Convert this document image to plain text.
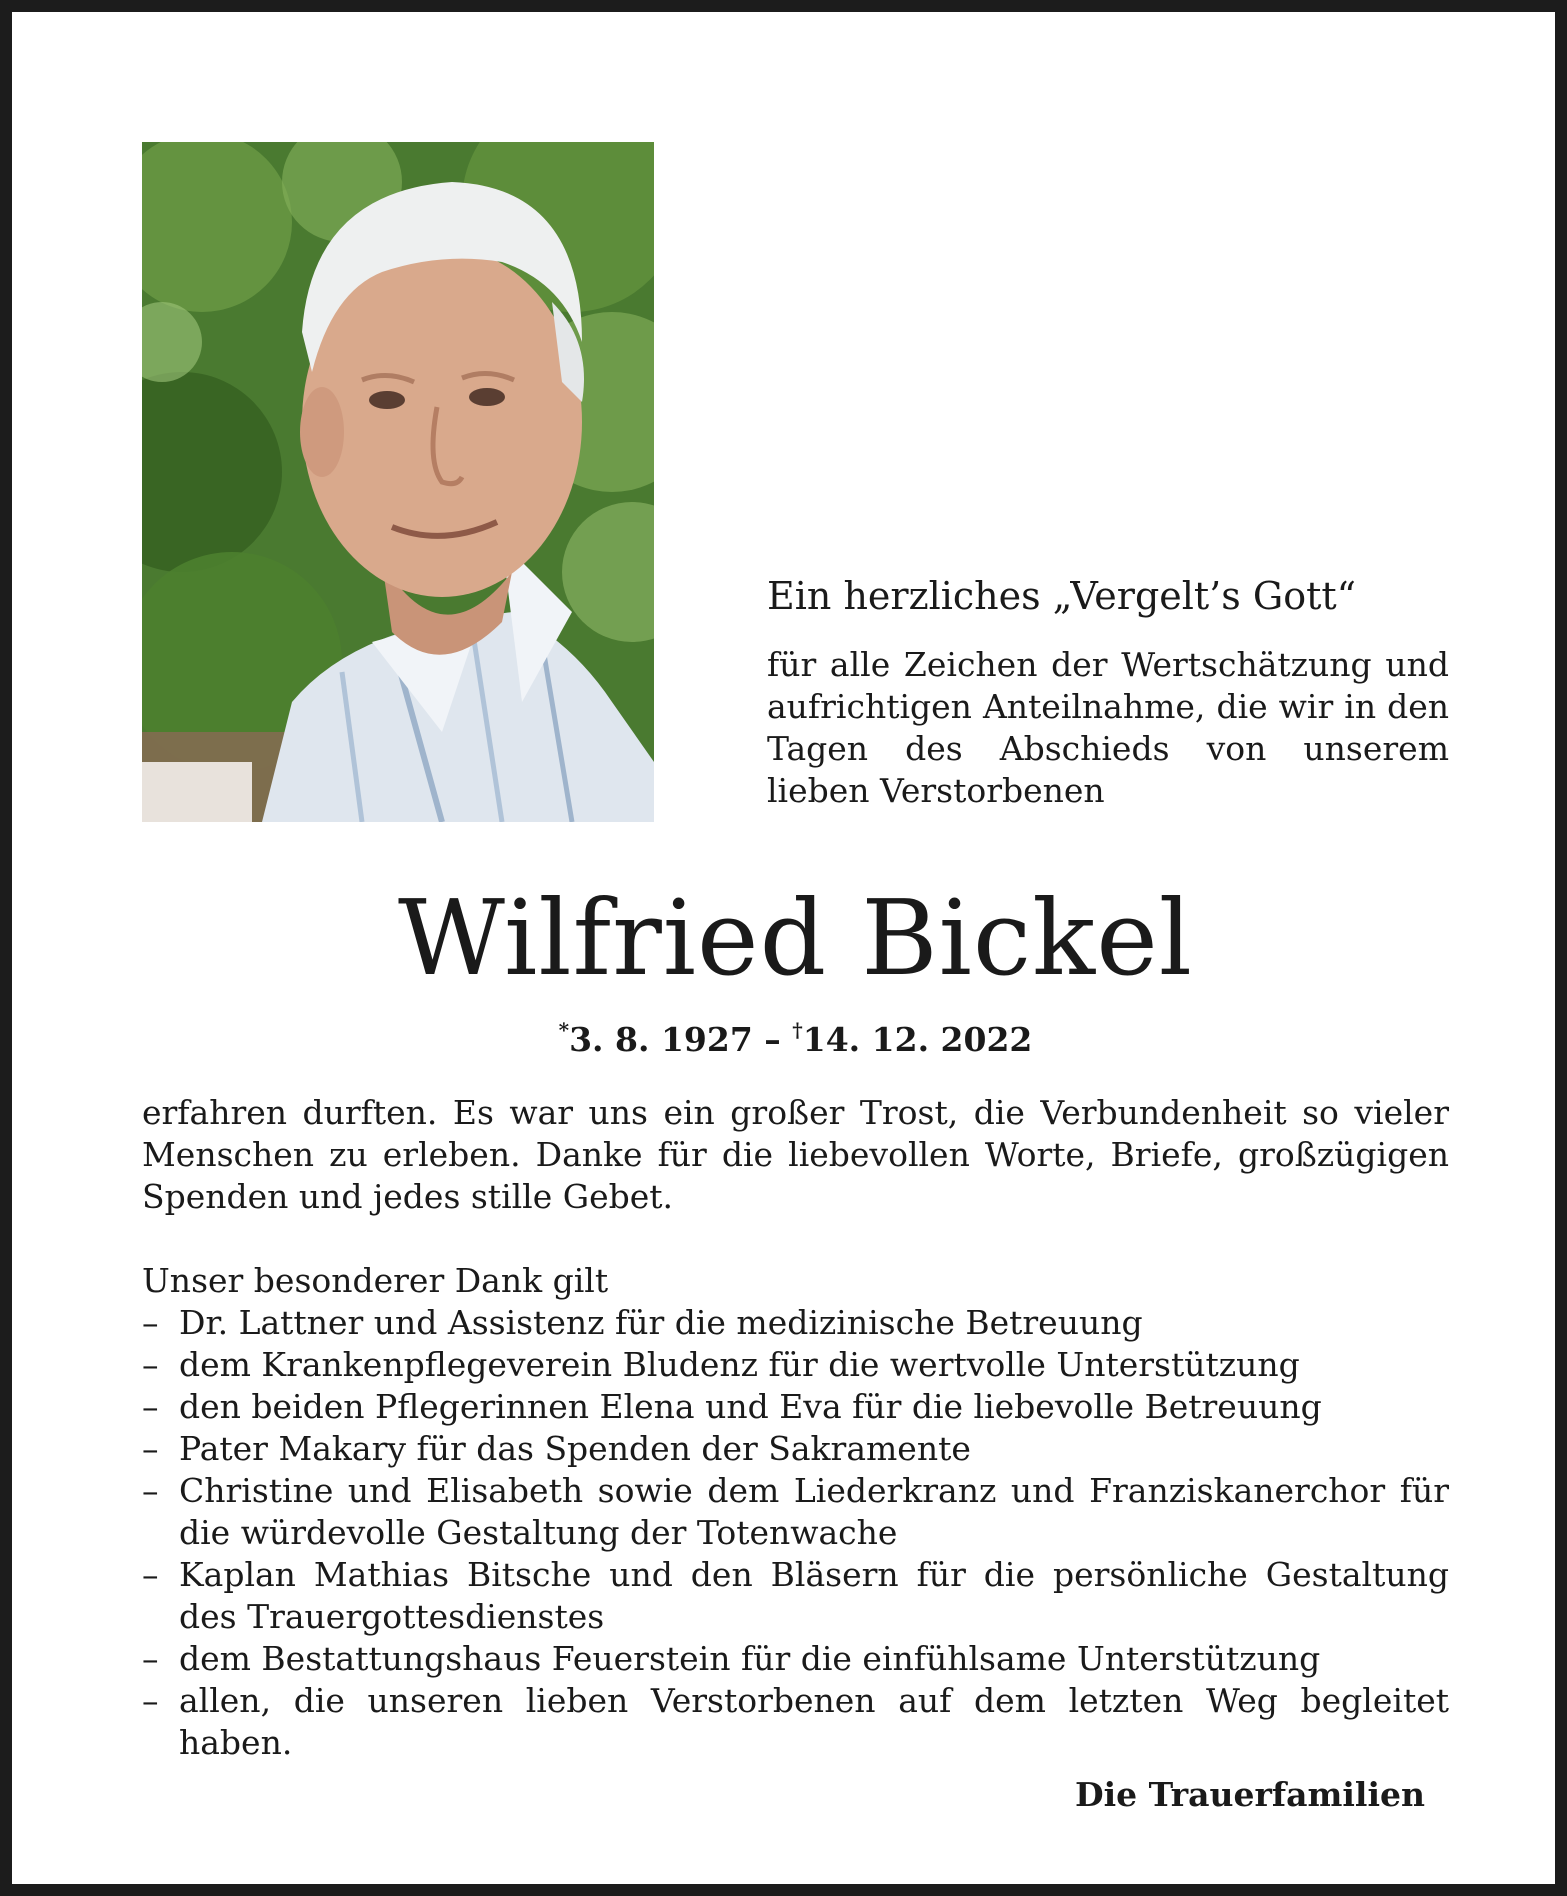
Ein herzliches „Vergelt’s Gott“

für alle Zeichen der Wertschätzung und aufrichtigen Anteilnahme, die wir in den Tagen des Abschieds von unserem lieben Verstorbenen

Wilfried Bickel
*3. 8. 1927 – †14. 12. 2022

erfahren durften. Es war uns ein großer Trost, die Verbundenheit so vieler Menschen zu erleben. Danke für die liebevollen Worte, Briefe, großzügigen Spenden und jedes stille Gebet.

Unser besonderer Dank gilt

– Dr. Lattner und Assistenz für die medizinische Betreuung
– dem Krankenpflegeverein Bludenz für die wertvolle Unterstützung
– den beiden Pflegerinnen Elena und Eva für die liebevolle Betreuung
– Pater Makary für das Spenden der Sakramente
– Christine und Elisabeth sowie dem Liederkranz und Franziskanerchor für die würdevolle Gestaltung der Totenwache
– Kaplan Mathias Bitsche und den Bläsern für die persönliche Gestaltung des Trauergottesdienstes
– dem Bestattungshaus Feuerstein für die einfühlsame Unterstützung
– allen, die unseren lieben Verstorbenen auf dem letzten Weg begleitet haben.

Die Trauerfamilien
